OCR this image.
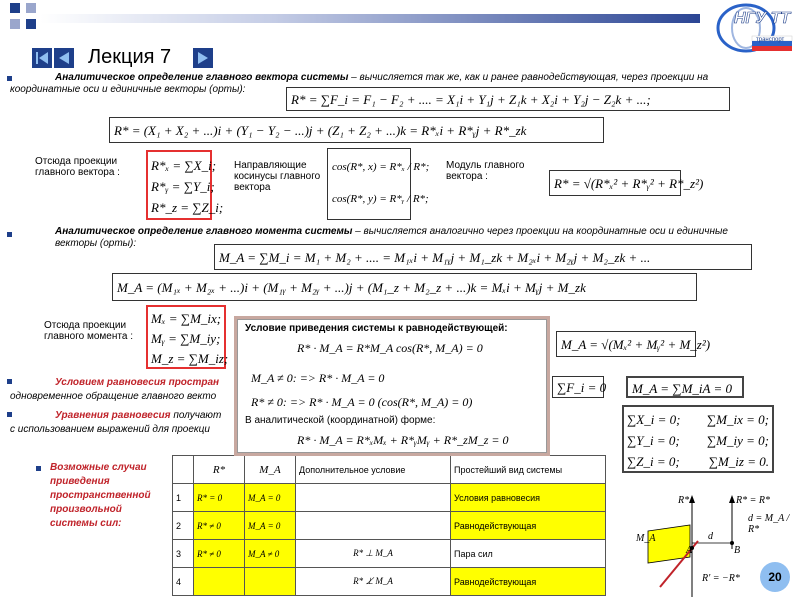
НГУ ТТ
транспорт
Лекция 7
Аналитическое определение главного вектора системы – вычисляется так же, как и ранее равнодействующая, через проекции на координатные оси и единичные векторы (орты):
R* = ∑F_i = F₁ − F₂ + .... = X₁i + Y₁j + Z₁k + X₂i + Y₂j − Z₂k + ...;
R* = (X₁ + X₂ + ...)i + (Y₁ − Y₂ − ...)j + (Z₁ + Z₂ + ...)k = R*ₓi + R*ᵧj + R*_zk
Отсюда проекции главного вектора :	R*ₓ = ∑X_i;
R*ᵧ = ∑Y_i;
R*_z = ∑Z_i;
Направляющие косинусы главного вектора
cos(R*, x) = R*ₓ / R*;
cos(R*, y) = R*ᵧ / R*;
Модуль главного вектора :	R* = √(R*ₓ² + R*ᵧ² + R*_z²)
Аналитическое определение главного момента системы – вычисляется аналогично через проекции на координатные оси и единичные векторы (орты):
M_A = ∑M_i = M₁ + M₂ + .... = M₁ₓi + M₁ᵧj + M₁_zk + M₂ₓi + M₂ᵧj + M₂_zk + ...
M_A = (M₁ₓ + M₂ₓ + ...)i + (M₁ᵧ + M₂ᵧ + ...)j + (M₁_z + M₂_z + ...)k = Mₓi + Mᵧj + M_zk
Отсюда проекции главного момента :
Mₓ = ∑M_ix;
Mᵧ = ∑M_iy;
M_z = ∑M_iz;
M_A = √(Mₓ² + Mᵧ² + M_z²)
Условием равновесия простран
одновременное обращение главного векто
∑F_i = 0	M_A = ∑M_iA = 0
Уравнения равновесия получают
с использованием выражений для проекци
∑X_i = 0; ∑M_ix = 0;
∑Y_i = 0; ∑M_iy = 0;
∑Z_i = 0; ∑M_iz = 0.
Возможные случаи приведения пространственной произвольной системы сил:
	R*	M_A	Дополнительное условие	Простейший вид системы
1	R* = 0	M_A = 0		Условия равновесия
2	R* ≠ 0	M_A = 0		Равнодействующая
3	R* ≠ 0	M_A ≠ 0	R* ⊥ M_A	Пара сил
4			R* ⊥̸ M_A	Равнодействующая
Условие приведения системы к равнодействующей:
R* · M_A = R*M_A cos(R*, M_A) = 0
M_A ≠ 0: => R* · M_A = 0
R* ≠ 0: => R* · M_A = 0 (cos(R*, M_A) = 0)
В аналитической (координатной) форме:
R* · M_A = R*ₓMₓ + R*ᵧMᵧ + R*_zM_z = 0
R*	R* = R*
M_A
A	B
d
R' = −R*
d = M_A / R*
20
